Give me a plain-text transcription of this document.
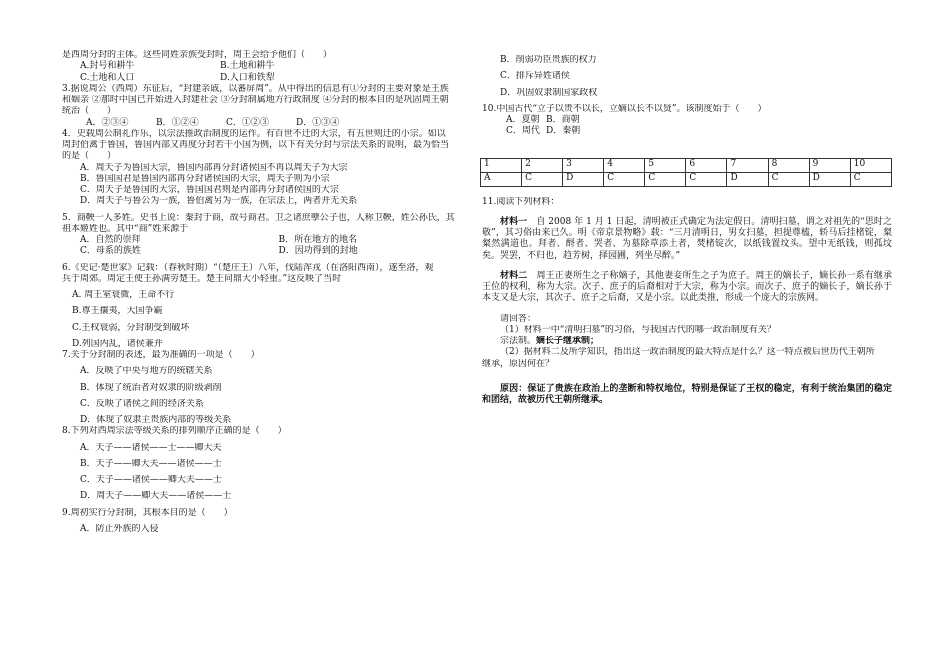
是西周分封的主体。这些同姓亲族受封时，周王会给予他们（　　）

A.封号和耕牛	B.土地和耕牛
C.土地和人口	D.人口和铁犁

3.据说周公（西周）东征后，“封建亲戚，以蕃屏周”。从中得出的信息有①分封的主要对象是王族

和姻亲 ②那时中国已开始进入封建社会 ③分封制属地方行政制度 ④分封的根本目的是巩固周王朝

统治（　　）

A．②③④	B．①②④	C．①②③	D．①③④

4．史载周公制礼作乐，以宗法推政治制度的运作。有百世不迁的大宗，有五世则迁的小宗。如以

周封伯禽于鲁国，鲁国内部又再度分封若干小国为例，以下有关分封与宗法关系的说明，最为恰当

的是（　　）

A．周天子为鲁国大宗，鲁国内部再分封诸侯国不再以周天子为大宗

B．鲁国国君是鲁国内部再分封诸侯国的大宗，周天子则为小宗

C．周天子是鲁国的大宗，鲁国国君则是内部再分封诸侯国的大宗

D．周天子与鲁公为一族，鲁伯禽另为一族，在宗法上，两者并无关系

5．商鞅一人多姓。史书上说：秦封于商，故号商君。卫之诸庶孽公子也，人称卫鞅，姓公孙氏，其

祖本姬姓也。其中“商”姓来源于

A．自然的崇拜	B．所在地方的地名
C．母系的族姓	D．因功得到的封地

6.《史记·楚世家》记载：（春秋时期）“（楚庄王）八年，伐陆浑戎（在洛阳西南），遂至洛，观

兵于周郊。周定王使王孙满劳楚王。楚王问鼎大小轻重。”这反映了当时

A. 周王室衰微，王命不行

B.尊王攘夷，大国争霸

C.王权衰弱，分封制受到破坏

D.列国内乱，诸侯兼并

7.关于分封制的表述，最为准确的一项是（　　）

A．反映了中央与地方的统辖关系

B．体现了统治者对奴隶的阶级剥削

C．反映了诸侯之间的经济关系

D．体现了奴隶主贵族内部的等级关系

8.下列对西周宗法等级关系的排列顺序正确的是（　　）

A．天子——诸侯——士——卿大夫

B．天子——卿大夫——诸侯——士

C．天子——诸侯——卿大夫——士

D．周天子——卿大夫——诸侯——士

9.周初实行分封制，其根本目的是（　　）

A．防止外族的入侵

B．削弱功臣贵族的权力

C．排斥异姓诸侯

D．巩固奴隶制国家政权

10.中国古代“立子以贵不以长，立嫡以长不以贤”。该制度始于（　　）

A．夏朝 B．商朝
C．周代 D．秦朝
1	2	3	4	5	6	7	8	9	10
A	C	D	C	C	C	D	C	D	C

11.阅读下列材料：

材料一　自 2008 年 1 月 1 日起，清明被正式确定为法定假日。清明扫墓，谓之对祖先的“思时之敬”，其习俗由来已久。明《帝京景物略》载：“三月清明日，男女扫墓，担提尊榼，轿马后挂楮锭，粲粲然满道也。拜者、酹者、哭者、为墓除草添土者，焚楮锭次，以纸钱置坟头。望中无纸钱，则孤坟矣。哭罢，不归也，趋芳树，择园圃，列坐尽醉。”

材料二　周王正妻所生之子称嫡子，其他妻妾所生之子为庶子。周王的嫡长子，嫡长孙一系有继承王位的权利，称为大宗。次子、庶子的后裔相对于大宗，称为小宗。而次子、庶子的嫡长子，嫡长孙于本支又是大宗，其次子、庶子之后裔，又是小宗。以此类推，形成一个庞大的宗族网。

请回答：

（1）材料一中“清明扫墓”的习俗，与我国古代的哪一政治制度有关？

宗法制。嫡长子继承制；

（2）据材料二及所学知识，指出这一政治制度的最大特点是什么？这一特点被后世历代王朝所

继承，原因何在？

原因：保证了贵族在政治上的垄断和特权地位，特别是保证了王权的稳定，有利于统治集团的稳定和团结，故被历代王朝所继承。
